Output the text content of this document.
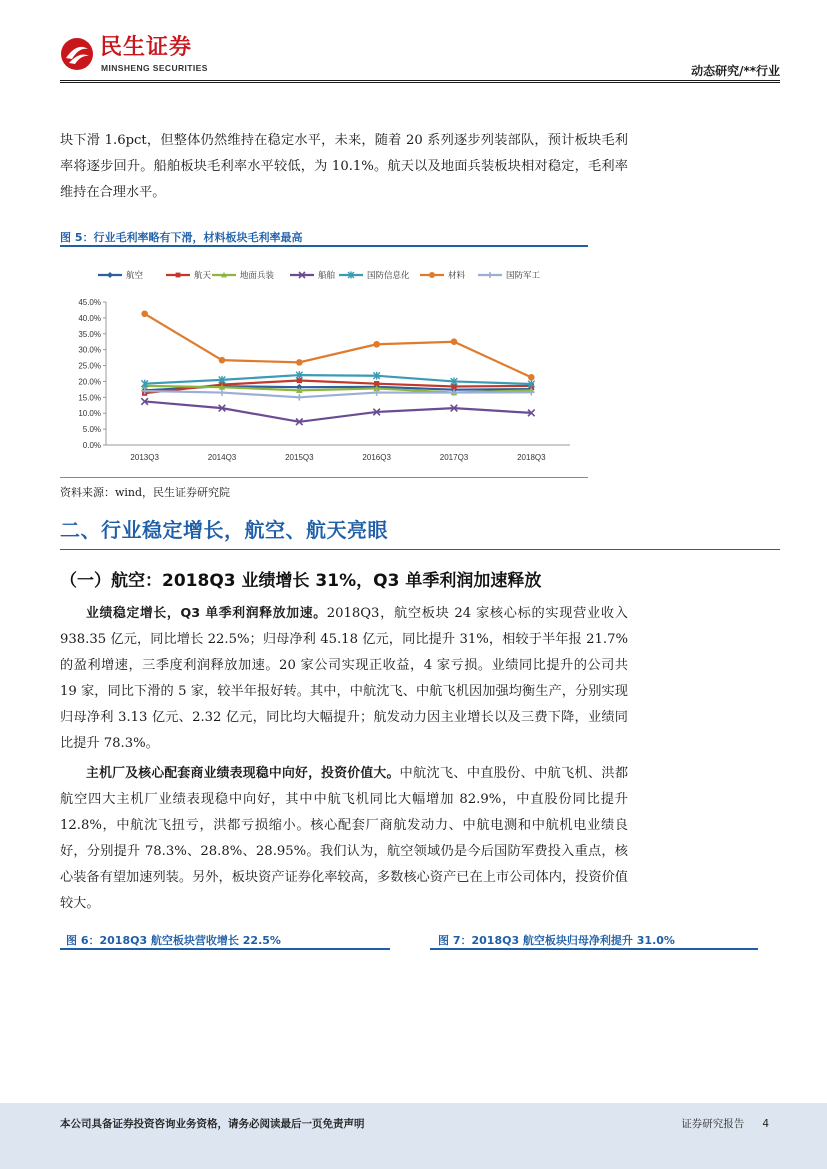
民生证券
MINSHENG SECURITIES	动态研究/**行业
块下滑 1.6pct，但整体仍然维持在稳定水平，未来，随着 20 系列逐步列装部队，预计板块毛利率将逐步回升。船舶板块毛利率水平较低，为 10.1%。航天以及地面兵装板块相对稳定，毛利率维持在合理水平。
图 5：行业毛利率略有下滑，材料板块毛利率最高
航空	航天	地面兵装	船舶	国防信息化	材料	国防军工
0.0%
5.0%
10.0%
15.0%
20.0%
25.0%
30.0%
35.0%
40.0%
45.0%
2013Q3	2014Q3	2015Q3	2016Q3	2017Q3	2018Q3
资料来源：wind，民生证券研究院
二、行业稳定增长，航空、航天亮眼
（一）航空：2018Q3 业绩增长 31%，Q3 单季利润加速释放
业绩稳定增长，Q3 单季利润释放加速。2018Q3，航空板块 24 家核心标的实现营业收入 938.35 亿元，同比增长 22.5%；归母净利 45.18 亿元，同比提升 31%，相较于半年报 21.7%的盈利增速，三季度利润释放加速。20 家公司实现正收益，4 家亏损。业绩同比提升的公司共 19 家，同比下滑的 5 家，较半年报好转。其中，中航沈飞、中航飞机因加强均衡生产，分别实现归母净利 3.13 亿元、2.32 亿元，同比均大幅提升；航发动力因主业增长以及三费下降，业绩同比提升 78.3%。
主机厂及核心配套商业绩表现稳中向好，投资价值大。中航沈飞、中直股份、中航飞机、洪都航空四大主机厂业绩表现稳中向好，其中中航飞机同比大幅增加 82.9%，中直股份同比提升 12.8%，中航沈飞扭亏，洪都亏损缩小。核心配套厂商航发动力、中航电测和中航机电业绩良好，分别提升 78.3%、28.8%、28.95%。我们认为，航空领域仍是今后国防军费投入重点，核心装备有望加速列装。另外，板块资产证券化率较高，多数核心资产已在上市公司体内，投资价值较大。
图 6：2018Q3 航空板块营收增长 22.5%	图 7：2018Q3 航空板块归母净利提升 31.0%
本公司具备证券投资咨询业务资格，请务必阅读最后一页免责声明	证券研究报告 4
